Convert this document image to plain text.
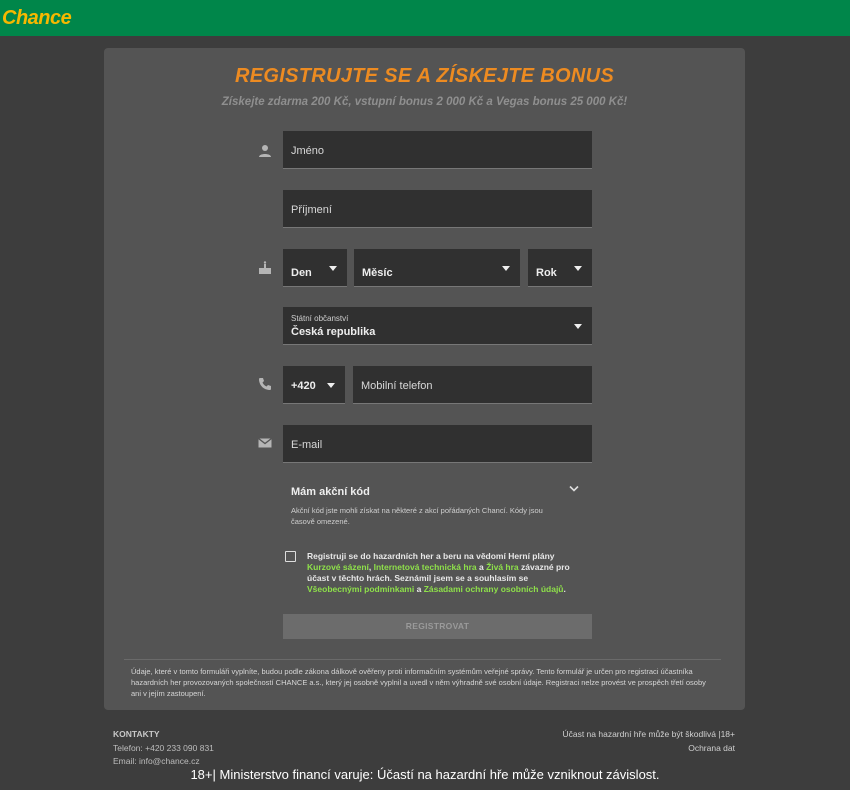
Chance
REGISTRUJTE SE A ZÍSKEJTE BONUS
Získejte zdarma 200 Kč, vstupní bonus 2 000 Kč a Vegas bonus 25 000 Kč!
Jméno
Příjmení
Den	Měsíc	Rok
Státní občanství
Česká republika
+420	Mobilní telefon
E-mail
Mám akční kód
Akční kód jste mohli získat na některé z akcí pořádaných Chancí. Kódy jsou časově omezené.
Registruji se do hazardních her a beru na vědomí Herní plány Kurzové sázení, Internetová technická hra a Živá hra závazné pro účast v těchto hrách. Seznámil jsem se a souhlasím se Všeobecnými podmínkami a Zásadami ochrany osobních údajů.
REGISTROVAT
Údaje, které v tomto formuláři vyplníte, budou podle zákona dálkově ověřeny proti informačním systémům veřejné správy. Tento formulář je určen pro registraci účastníka hazardních her provozovaných společností CHANCE a.s., který jej osobně vyplnil a uvedl v něm výhradně své osobní údaje. Registraci nelze provést ve prospěch třetí osoby ani v jejím zastoupení.
KONTAKTY
Telefon: +420 233 090 831
Email: info@chance.cz
Účast na hazardní hře může být škodlivá |18+
Ochrana dat
18+| Ministerstvo financí varuje: Účastí na hazardní hře může vzniknout závislost.
